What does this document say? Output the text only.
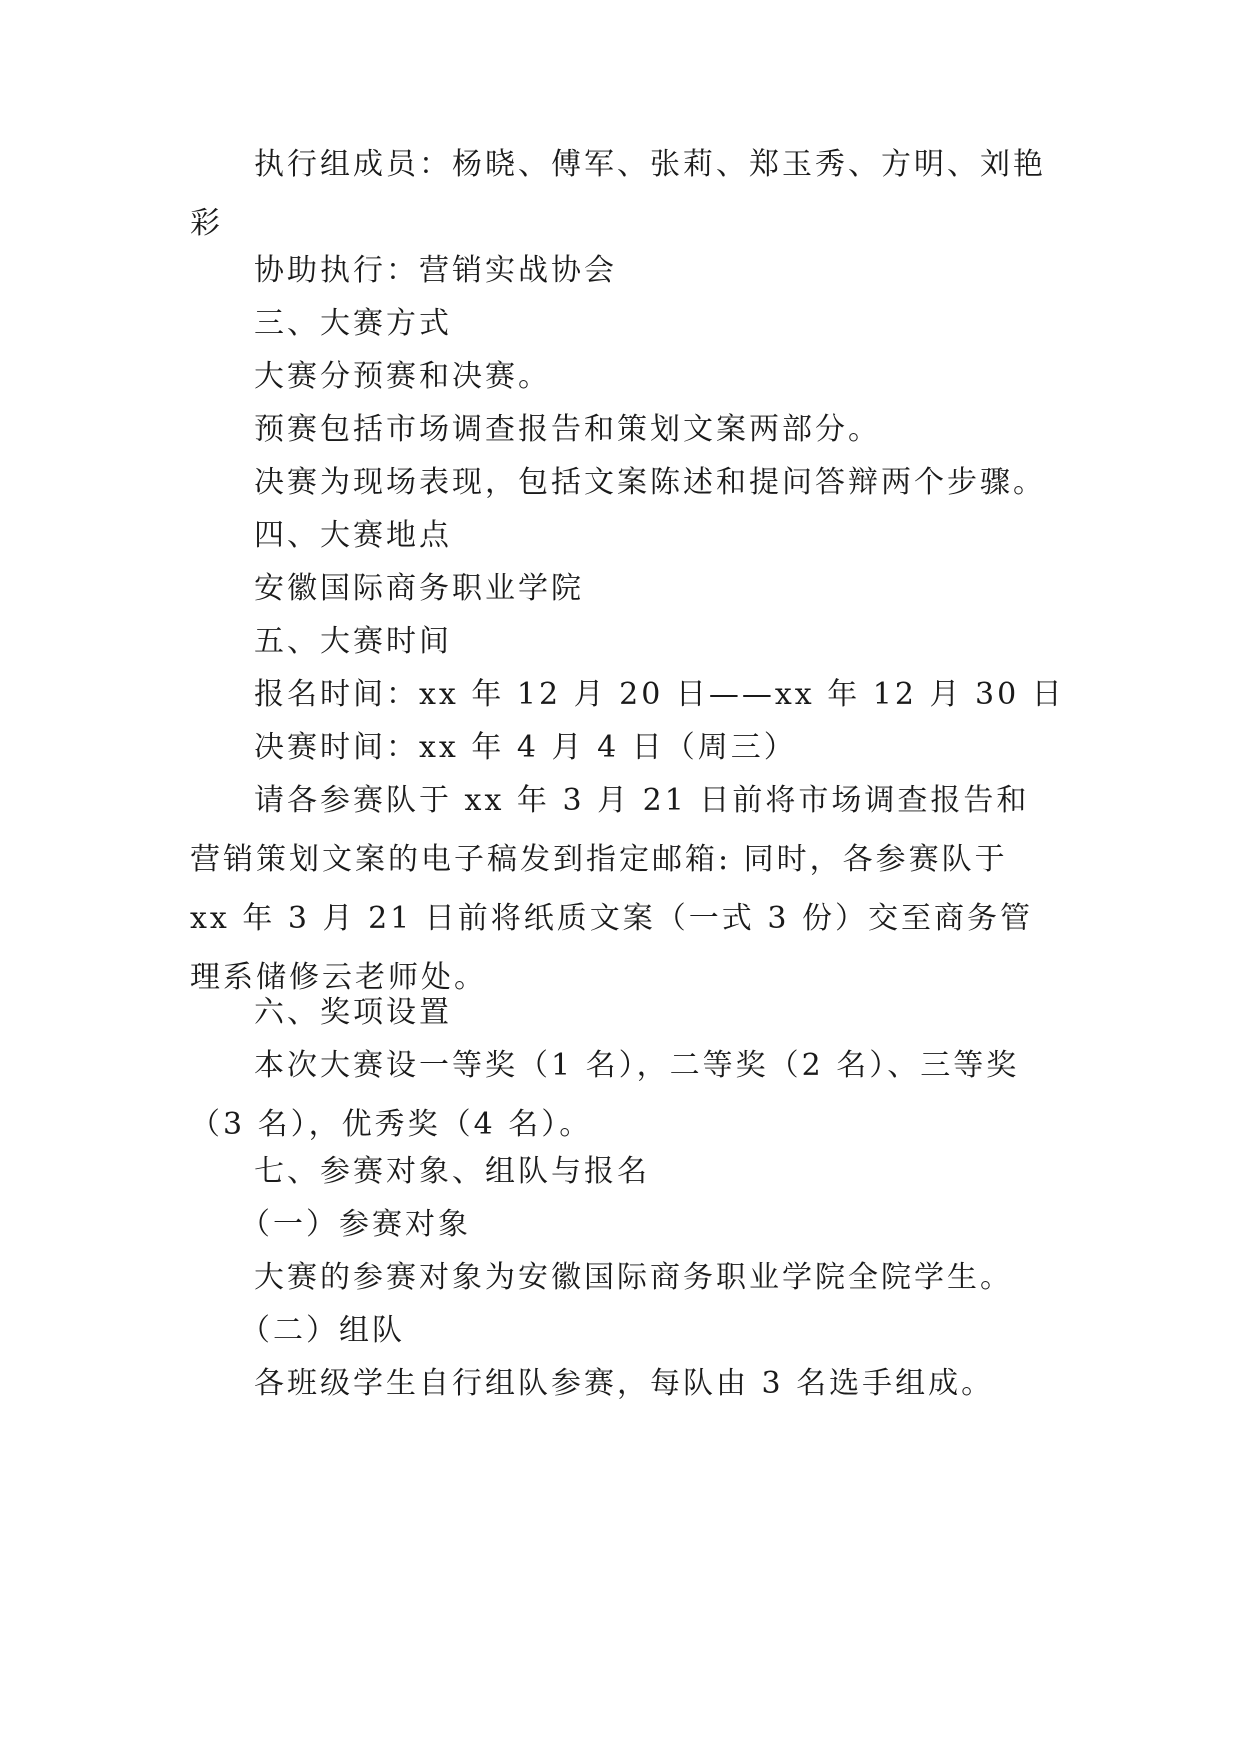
执行组成员：杨晓、傅军、张莉、郑玉秀、方明、刘艳彩

协助执行：营销实战协会

三、大赛方式

大赛分预赛和决赛。

预赛包括市场调查报告和策划文案两部分。

决赛为现场表现，包括文案陈述和提问答辩两个步骤。

四、大赛地点

安徽国际商务职业学院

五、大赛时间

报名时间：xx 年 12 月 20 日——xx 年 12 月 30 日

决赛时间：xx 年 4 月 4 日（周三）

请各参赛队于 xx 年 3 月 21 日前将市场调查报告和营销策划文案的电子稿发到指定邮箱: 同时，各参赛队于 xx 年 3 月 21 日前将纸质文案（一式 3 份）交至商务管理系储修云老师处。

六、奖项设置

本次大赛设一等奖（1 名），二等奖（2 名）、三等奖（3 名），优秀奖（4 名）。

七、参赛对象、组队与报名

（一）参赛对象

大赛的参赛对象为安徽国际商务职业学院全院学生。

（二）组队

各班级学生自行组队参赛，每队由 3 名选手组成。
